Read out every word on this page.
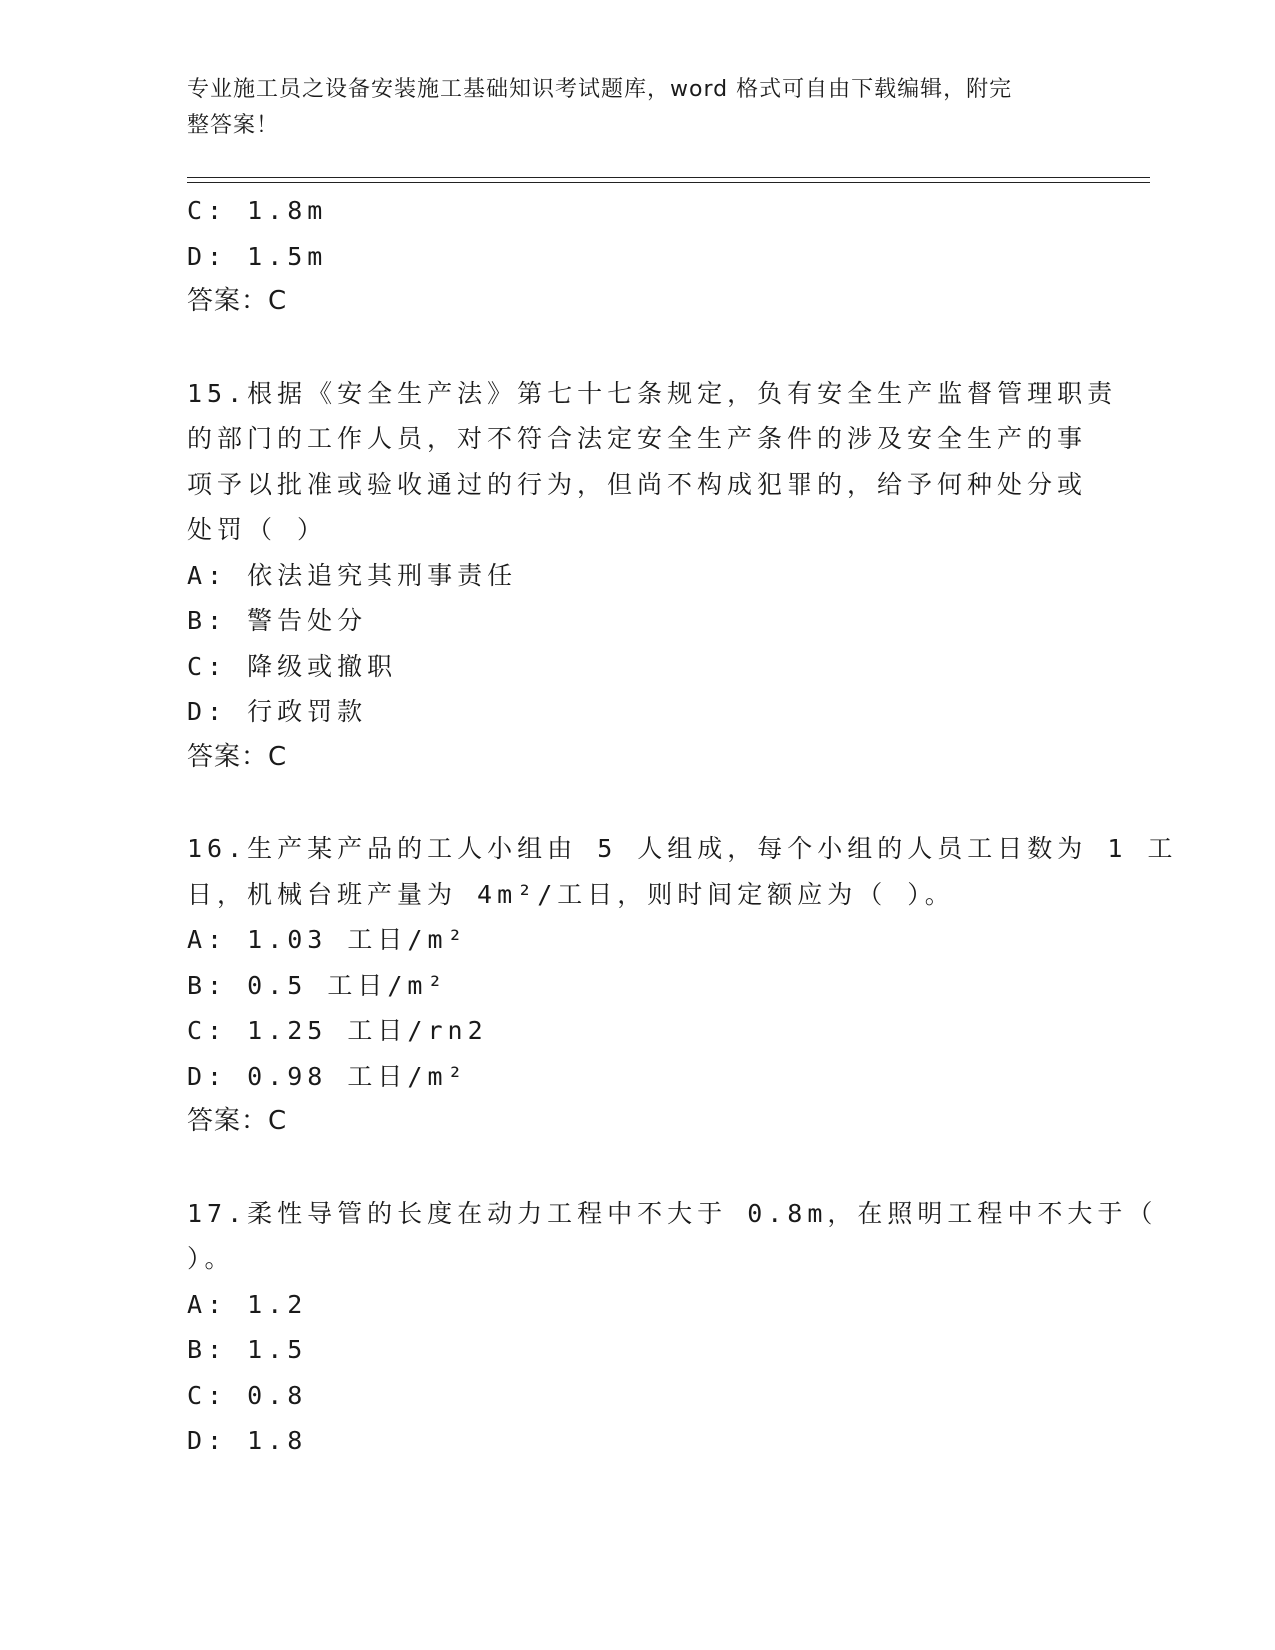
专业施工员之设备安装施工基础知识考试题库，word 格式可自由下载编辑，附完
整答案！
C: 1.8m
D: 1.5m
答案：C
15.根据《安全生产法》第七十七条规定，负有安全生产监督管理职责
的部门的工作人员，对不符合法定安全生产条件的涉及安全生产的事
项予以批准或验收通过的行为，但尚不构成犯罪的，给予何种处分或
处罚（ ）
A: 依法追究其刑事责任
B: 警告处分
C: 降级或撤职
D: 行政罚款
答案：C
16.生产某产品的工人小组由 5 人组成，每个小组的人员工日数为 1 工
日，机械台班产量为 4m²/工日，则时间定额应为（ ）。
A: 1.03 工日/m²
B: 0.5 工日/m²
C: 1.25 工日/rn2
D: 0.98 工日/m²
答案：C
17.柔性导管的长度在动力工程中不大于 0.8m，在照明工程中不大于（
）。
A: 1.2
B: 1.5
C: 0.8
D: 1.8
